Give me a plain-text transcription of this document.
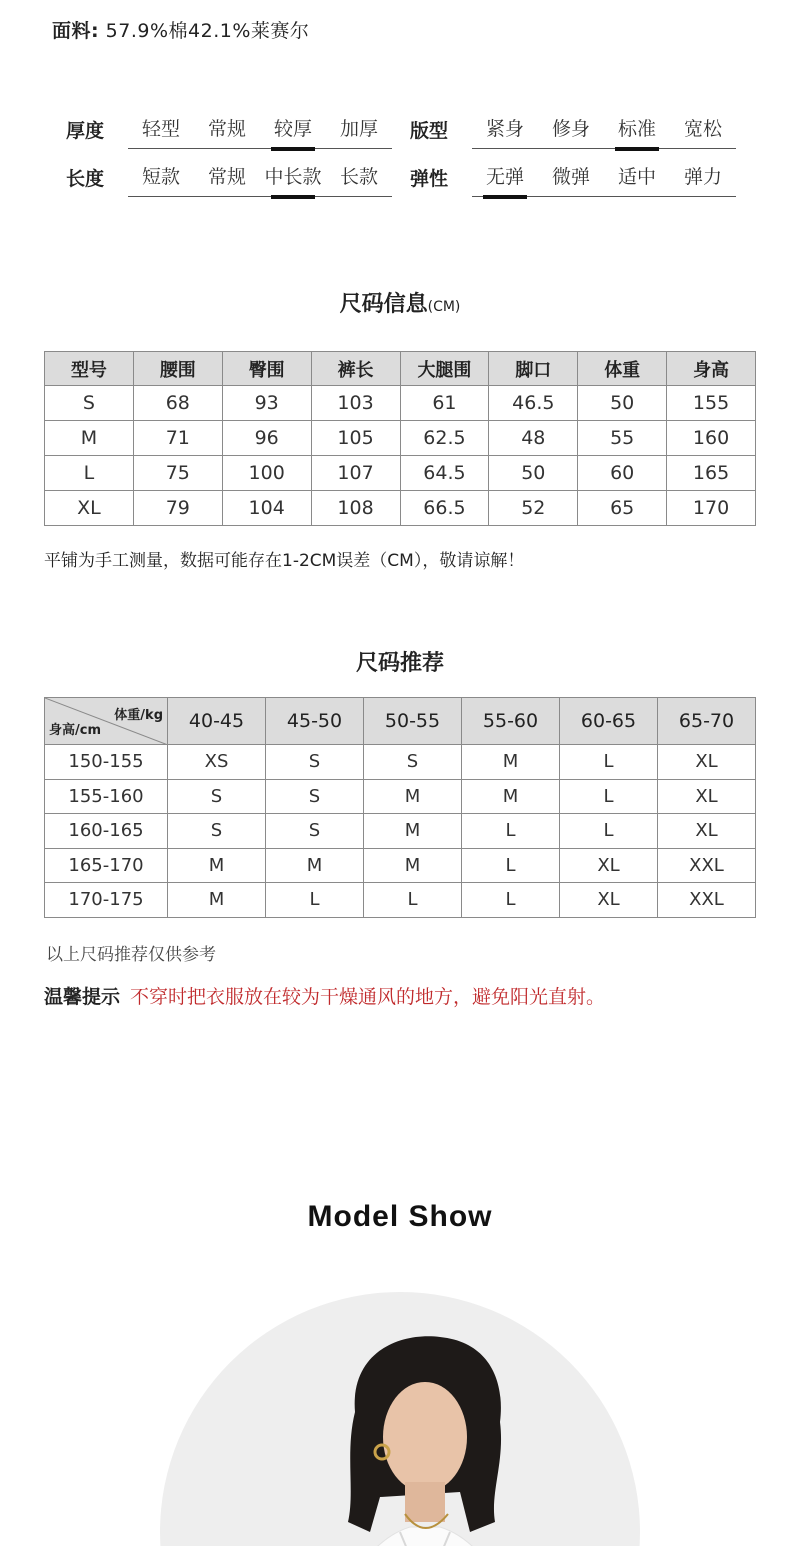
面料: 57.9%棉42.1%莱赛尔
厚度	轻型	常规	较厚	加厚	版型	紧身	修身	标准	宽松
长度	短款	常规 中长款 长款	弹性	无弹	微弹	适中	弹力
尺码信息(CM)
型号	腰围	臀围	裤长	大腿围	脚口	体重	身高
S	68	93	103	61	46.5	50	155
M	71	96	105	62.5	48	55	160
L	75	100	107	64.5	50	60	165
XL	79	104	108	66.5	52	65	170
平铺为手工测量，数据可能存在1-2CM误差（CM），敬请谅解！
尺码推荐
体重/kg
身高/cm	40-45	45-50	50-55	55-60	60-65	65-70
150-155	XS	S	S	M	L	XL
155-160	S	S	M	M	L	XL
160-165	S	S	M	L	L	XL
165-170	M	M	M	L	XL	XXL
170-175	M	L	L	L	XL	XXL
以上尺码推荐仅供参考
温馨提示 不穿时把衣服放在较为干燥通风的地方，避免阳光直射。
Model Show
